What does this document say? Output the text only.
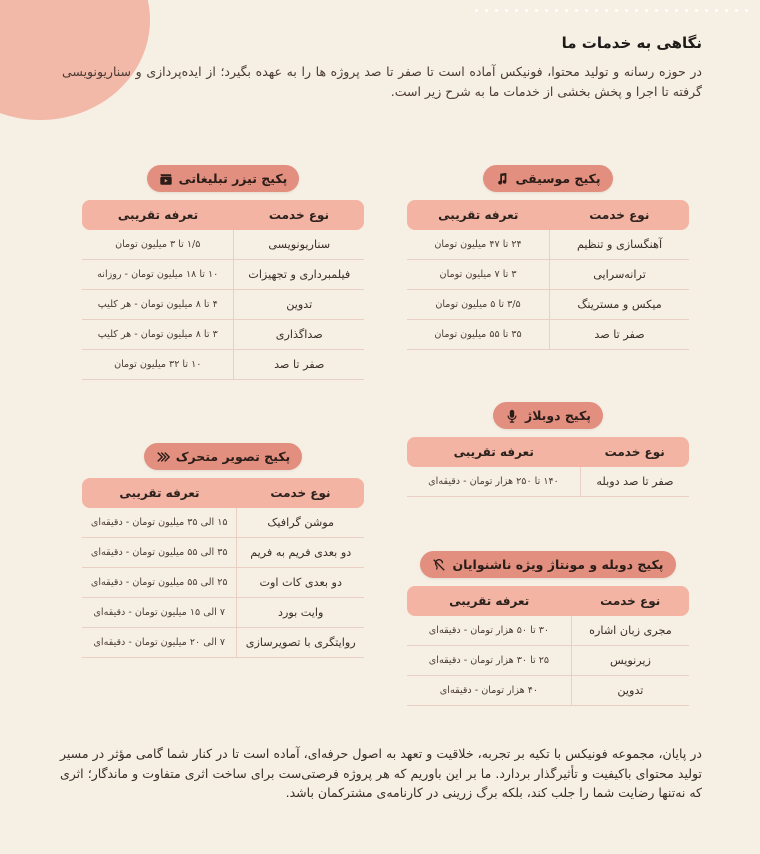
نگاهی به خدمات ما

در حوزه رسانه و تولید محتوا، فونیکس آماده است تا صفر تا صد پروژه ها را به عهده بگیرد؛ از ایده‌پردازی و سناریونویسی گرفته تا اجرا و پخش بخشی از خدمات ما به شرح زیر است.

پکیج موسیقی
نوع خدمت	تعرفه تقریبی
آهنگسازی و تنظیم	۲۴ تا ۴۷ میلیون تومان
ترانه‌سرایی	۳ تا ۷ میلیون تومان
میکس و مسترینگ	۳/۵ تا ۵ میلیون تومان
صفر تا صد	۳۵ تا ۵۵ میلیون تومان
پکیج تیزر تبلیغاتی
نوع خدمت	تعرفه تقریبی
سناریونویسی	۱/۵ تا ۳ میلیون تومان
فیلمبرداری و تجهیزات	۱۰ تا ۱۸ میلیون تومان - روزانه
تدوین	۴ تا ۸ میلیون تومان - هر کلیپ
صداگذاری	۳ تا ۸ میلیون تومان - هر کلیپ
صفر تا صد	۱۰ تا ۳۲ میلیون تومان
پکیج دوبلاژ
نوع خدمت	تعرفه تقریبی
صفر تا صد دوبله	۱۴۰ تا ۲۵۰ هزار تومان - دقیقه‌ای
پکیج تصویر متحرک
نوع خدمت	تعرفه تقریبی
موشن گرافیک	۱۵ الی ۳۵ میلیون تومان - دقیقه‌ای
دو بعدی فریم به فریم	۳۵ الی ۵۵ میلیون تومان - دقیقه‌ای
دو بعدی کات اوت	۲۵ الی ۵۵ میلیون تومان - دقیقه‌ای
وایت بورد	۷ الی ۱۵ میلیون تومان - دقیقه‌ای
روایتگری با تصویرسازی	۷ الی ۲۰ میلیون تومان - دقیقه‌ای
پکیج دوبله و مونتاژ ویژه ناشنوایان
نوع خدمت	تعرفه تقریبی
مجری زبان اشاره	۳۰ تا ۵۰ هزار تومان - دقیقه‌ای
زیرنویس	۲۵ تا ۳۰ هزار تومان - دقیقه‌ای
تدوین	۴۰ هزار تومان - دقیقه‌ای

در پایان، مجموعه فونیکس با تکیه بر تجربه، خلاقیت و تعهد به اصول حرفه‌ای، آماده است تا در کنار شما گامی مؤثر در مسیر تولید محتوای باکیفیت و تأثیرگذار بردارد. ما بر این باوریم که هر پروژه فرصتی‌ست برای ساخت اثری متفاوت و ماندگار؛ اثری که نه‌تنها رضایت شما را جلب کند، بلکه برگ زرینی در کارنامه‌ی مشترکمان باشد.
